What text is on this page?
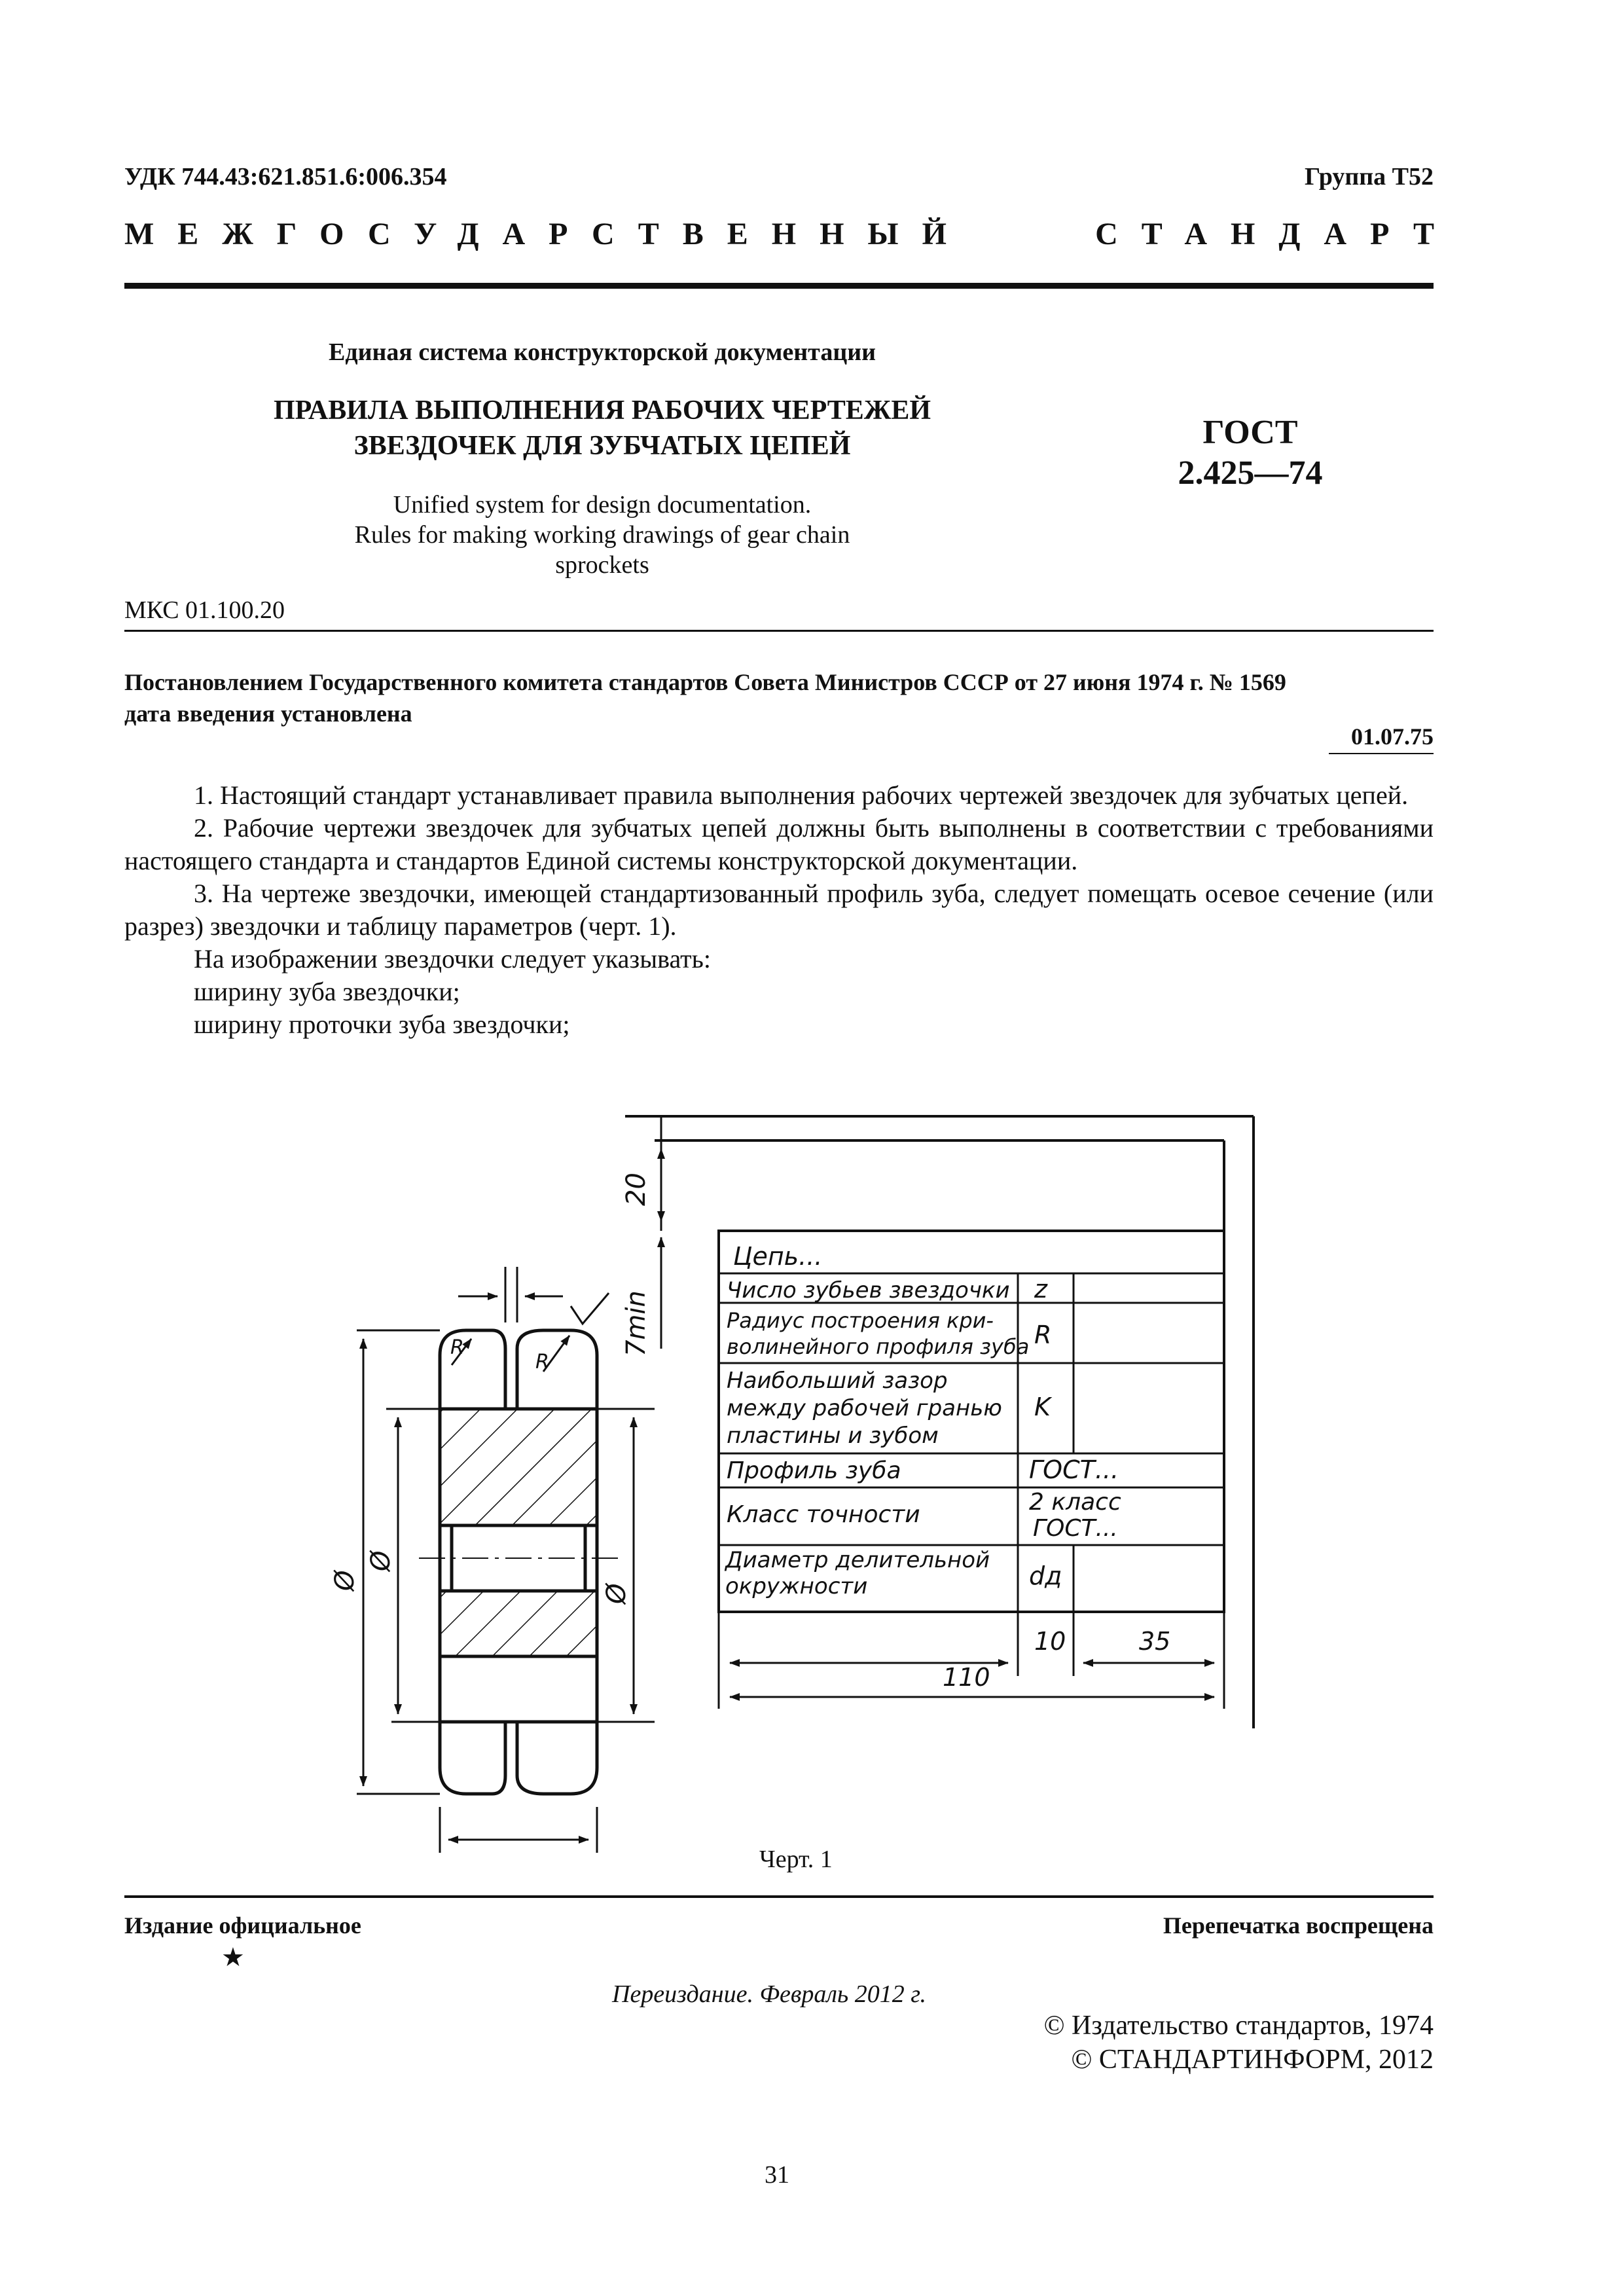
УДК 744.43:621.851.6:006.354	Группа Т52
МЕЖГОСУДАРСТВЕННЫЙ	СТАНДАРТ
Единая система конструкторской документации
ПРАВИЛА ВЫПОЛНЕНИЯ РАБОЧИХ ЧЕРТЕЖЕЙ
ЗВЕЗДОЧЕК ДЛЯ ЗУБЧАТЫХ ЦЕПЕЙ	ГОСТ
2.425—74
Unified system for design documentation.
Rules for making working drawings of gear chain
sprockets
МКС 01.100.20
Постановлением Государственного комитета стандартов Совета Министров СССР от 27 июня 1974 г. № 1569
дата введения установлена
01.07.75

1. Настоящий стандарт устанавливает правила выполнения рабочих чертежей звездочек для зубчатых цепей.

2. Рабочие чертежи звездочек для зубчатых цепей должны быть выполнены в соответствии с требованиями настоящего стандарта и стандартов Единой системы конструкторской документации.

3. На чертеже звездочки, имеющей стандартизованный профиль зуба, следует помещать осевое сечение (или разрез) звездочки и таблицу параметров (черт. 1).

На изображении звездочки следует указывать:

ширину зуба звездочки;

ширину проточки зуба звездочки;

Цепь...
Число зубьев звездочки z
Радиус построения кри-
волинейного профиля зуба R
Наибольший зазор
между рабочей гранью
пластины и зубом
K
Профиль зуба	ГОСТ...
Класс точности	2 класс
ГОСТ...
Диаметр делительной
окружности	dд
20
7min
10	35
110
Ø
Ø
Ø
R
R
Черт. 1
Издание официальное
★
Перепечатка воспрещена
Переиздание. Февраль 2012 г.
© Издательство стандартов, 1974
© СТАНДАРТИНФОРМ, 2012
31
